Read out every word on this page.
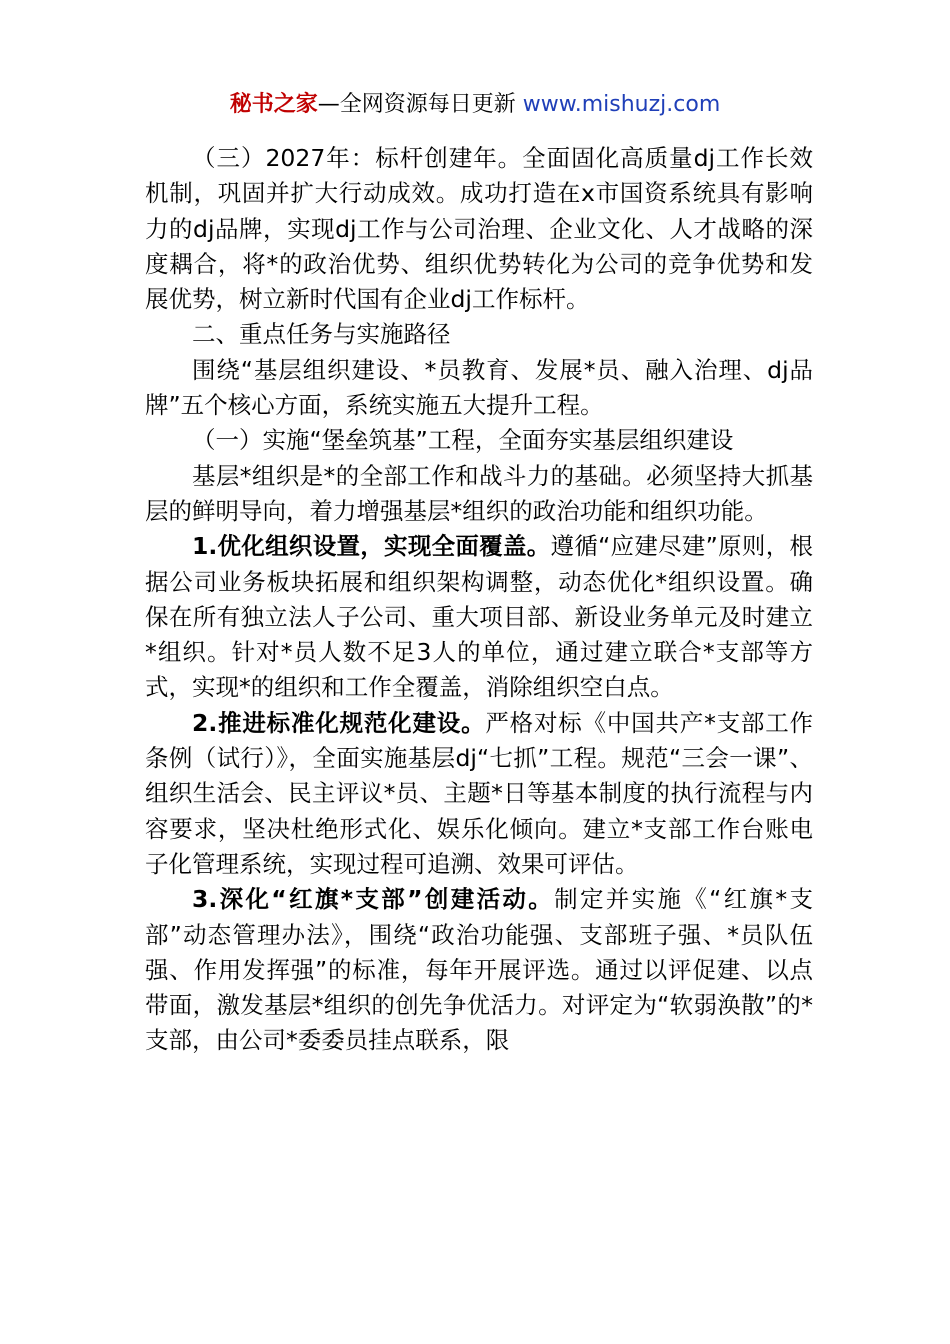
秘书之家—全网资源每日更新 www.mishuzj.com

（三）2027年：标杆创建年。全面固化高质量dj工作长效机制，巩固并扩大行动成效。成功打造在x市国资系统具有影响力的dj品牌，实现dj工作与公司治理、企业文化、人才战略的深度耦合，将*的政治优势、组织优势转化为公司的竞争优势和发展优势，树立新时代国有企业dj工作标杆。

二、重点任务与实施路径

围绕“基层组织建设、*员教育、发展*员、融入治理、dj品牌”五个核心方面，系统实施五大提升工程。

（一）实施“堡垒筑基”工程，全面夯实基层组织建设

基层*组织是*的全部工作和战斗力的基础。必须坚持大抓基层的鲜明导向，着力增强基层*组织的政治功能和组织功能。

1.优化组织设置，实现全面覆盖。遵循“应建尽建”原则，根据公司业务板块拓展和组织架构调整，动态优化*组织设置。确保在所有独立法人子公司、重大项目部、新设业务单元及时建立*组织。针对*员人数不足3人的单位，通过建立联合*支部等方式，实现*的组织和工作全覆盖，消除组织空白点。

2.推进标准化规范化建设。严格对标《中国共产*支部工作条例（试行）》，全面实施基层dj“七抓”工程。规范“三会一课”、组织生活会、民主评议*员、主题*日等基本制度的执行流程与内容要求，坚决杜绝形式化、娱乐化倾向。建立*支部工作台账电子化管理系统，实现过程可追溯、效果可评估。

3.深化“红旗*支部”创建活动。制定并实施《“红旗*支部”动态管理办法》，围绕“政治功能强、支部班子强、*员队伍强、作用发挥强”的标准，每年开展评选。通过以评促建、以点带面，激发基层*组织的创先争优活力。对评定为“软弱涣散”的*支部，由公司*委委员挂点联系，限
